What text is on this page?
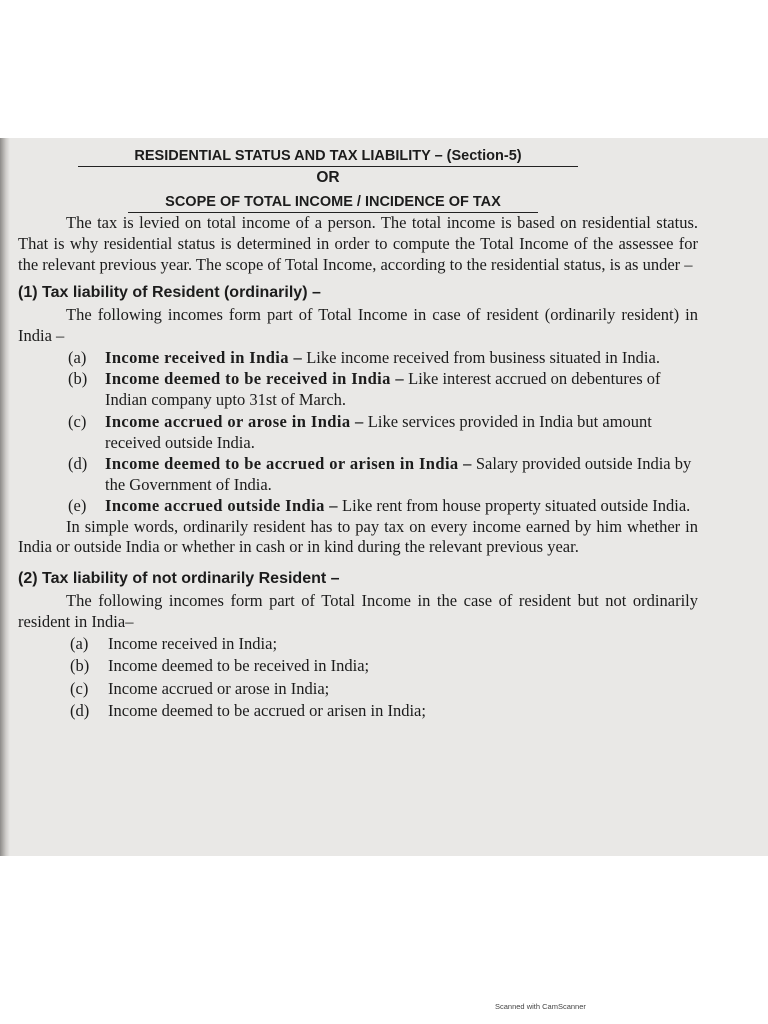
RESIDENTIAL STATUS AND TAX LIABILITY – (Section-5)
OR
SCOPE OF TOTAL INCOME / INCIDENCE OF TAX

The tax is levied on total income of a person. The total income is based on residential status. That is why residential status is determined in order to compute the Total Income of the assessee for the relevant previous year. The scope of Total Income, according to the residential status, is as under –

(1) Tax liability of Resident (ordinarily) –

The following incomes form part of Total Income in case of resident (ordinarily resident) in India –

(a) Income received in India – Like income received from business situated in India.

(b) Income deemed to be received in India – Like interest accrued on debentures of Indian company upto 31st of March.

(c) Income accrued or arose in India – Like services provided in India but amount received outside India.

(d) Income deemed to be accrued or arisen in India – Salary provided outside India by the Government of India.

(e) Income accrued outside India – Like rent from house property situated outside India.

In simple words, ordinarily resident has to pay tax on every income earned by him whether in India or outside India or whether in cash or in kind during the relevant previous year.

(2) Tax liability of not ordinarily Resident –

The following incomes form part of Total Income in the case of resident but not ordinarily resident in India–

(a) Income received in India;

(b) Income deemed to be received in India;

(c) Income accrued or arose in India;

(d) Income deemed to be accrued or arisen in India;

Scanned with CamScanner
